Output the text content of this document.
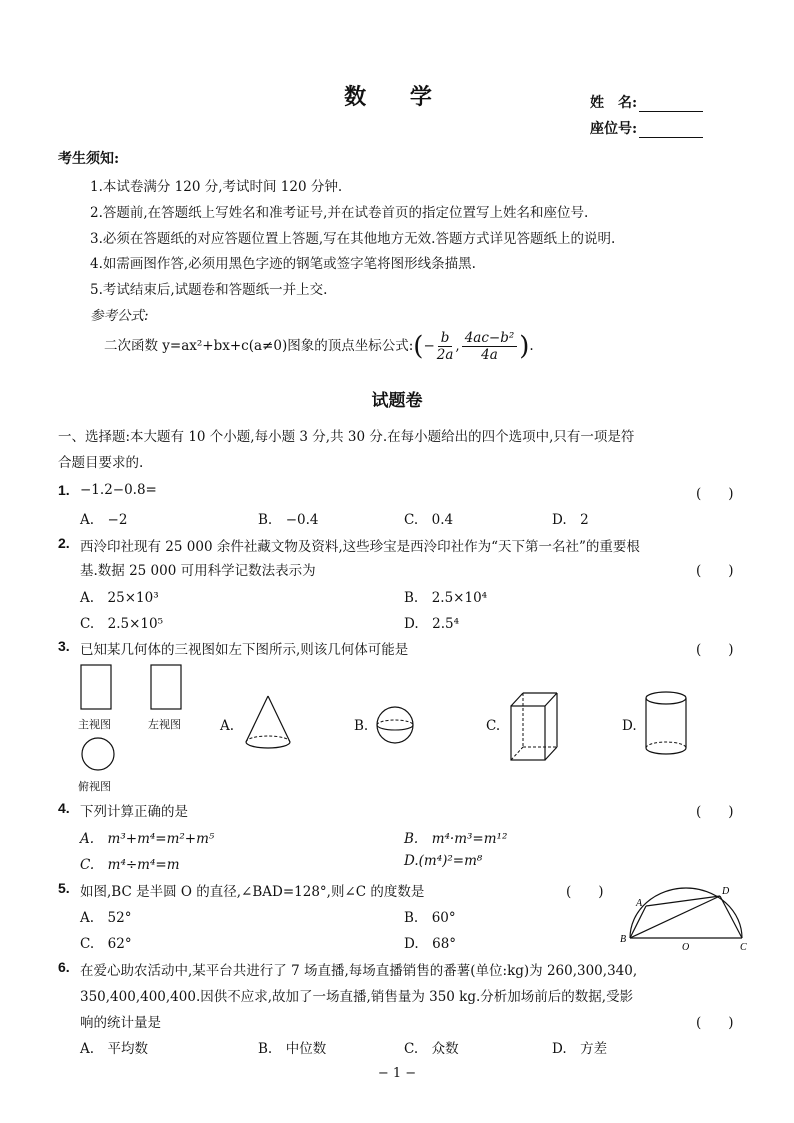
数 学	姓　名:
座位号:
考生须知:
1.本试卷满分 120 分,考试时间 120 分钟.
2.答题前,在答题纸上写姓名和准考证号,并在试卷首页的指定位置写上姓名和座位号.
3.必须在答题纸的对应答题位置上答题,写在其他地方无效.答题方式详见答题纸上的说明.
4.如需画图作答,必须用黑色字迹的钢笔或签字笔将图形线条描黑.
5.考试结束后,试题卷和答题纸一并上交.
参考公式:
二次函数 y=ax²+bx+c(a≠0)图象的顶点坐标公式:(− $\frac{b}{2a}$ , $\frac{\text{4ac−b²}}{4a}$ ).
试题卷
一、选择题:本大题有 10 个小题,每小题 3 分,共 30 分.在每小题给出的四个选项中,只有一项是符
合题目要求的.
1. −1.2−0.8=	(　　)
A.　−2	B.　−0.4	C.　0.4	D.　2
2. 西泠印社现有 25 000 余件社藏文物及资料,这些珍宝是西泠印社作为“天下第一名社”的重要根
基.数据 25 000 可用科学记数法表示为	(　　)
A.　25×10³	B.　2.5×10⁴
C.　2.5×10⁵	D.　2.5⁴
3. 已知某几何体的三视图如左下图所示,则该几何体可能是	(　　)
主视图	左视图
俯视图
A.	B.	C.	D.
4. 下列计算正确的是	(　　)
A.　m³+m⁴=m²+m⁵	B.　m⁴·m³=m¹²
C.　m⁴÷m⁴=m	D.(m⁴)²=m⁸
5. 如图,BC 是半圆 O 的直径,∠BAD=128°,则∠C 的度数是	(　　)
A.　52°	B.　60°
C.　62°	D.　68°
A
D
B
O	C
6. 在爱心助农活动中,某平台共进行了 7 场直播,每场直播销售的番薯(单位:kg)为 260,300,340,
350,400,400,400.因供不应求,故加了一场直播,销售量为 350 kg.分析加场前后的数据,受影
响的统计量是	(　　)
A.　平均数	B.　中位数	C.　众数	D.　方差
− 1 −
